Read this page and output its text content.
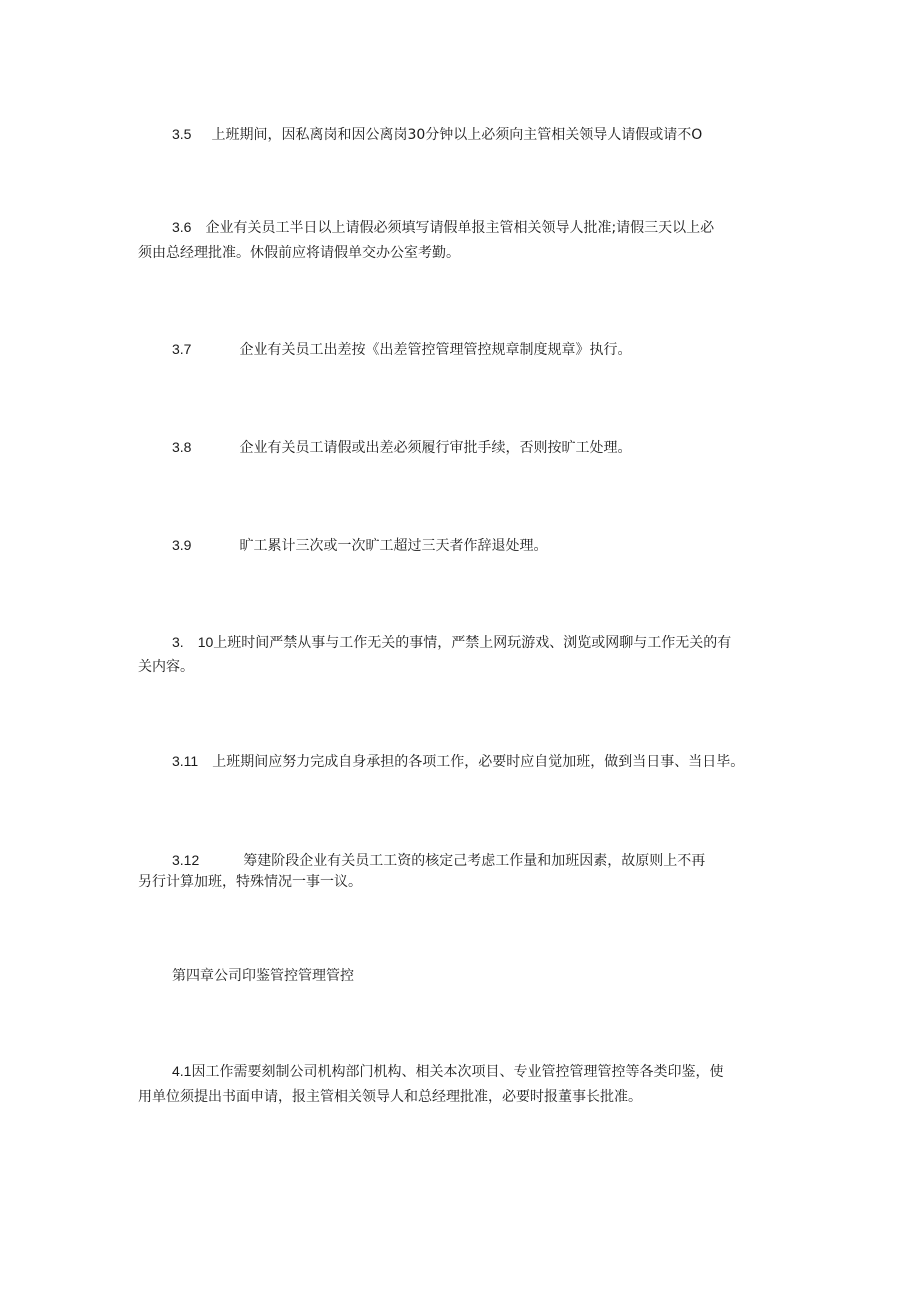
3.5 上班期间，因私离岗和因公离岗30分钟以上必须向主管相关领导人请假或请不O
3.6 企业有关员工半日以上请假必须填写请假单报主管相关领导人批准;请假三天以上必
须由总经理批准。休假前应将请假单交办公室考勤。
3.7	企业有关员工出差按《出差管控管理管控规章制度规章》执行。
3.8	企业有关员工请假或出差必须履行审批手续，否则按旷工处理。
3.9	旷工累计三次或一次旷工超过三天者作辞退处理。
3. 10上班时间严禁从事与工作无关的事情，严禁上网玩游戏、浏览或网聊与工作无关的有
关内容。
3.11 上班期间应努力完成自身承担的各项工作，必要时应自觉加班，做到当日事、当日毕。
3.12	筹建阶段企业有关员工工资的核定己考虑工作量和加班因素，故原则上不再
另行计算加班，特殊情况一事一议。
第四章公司印鉴管控管理管控
4.1因工作需要刻制公司机构部门机构、相关本次项目、专业管控管理管控等各类印鉴，使
用单位须提出书面申请，报主管相关领导人和总经理批准，必要时报董事长批准。
